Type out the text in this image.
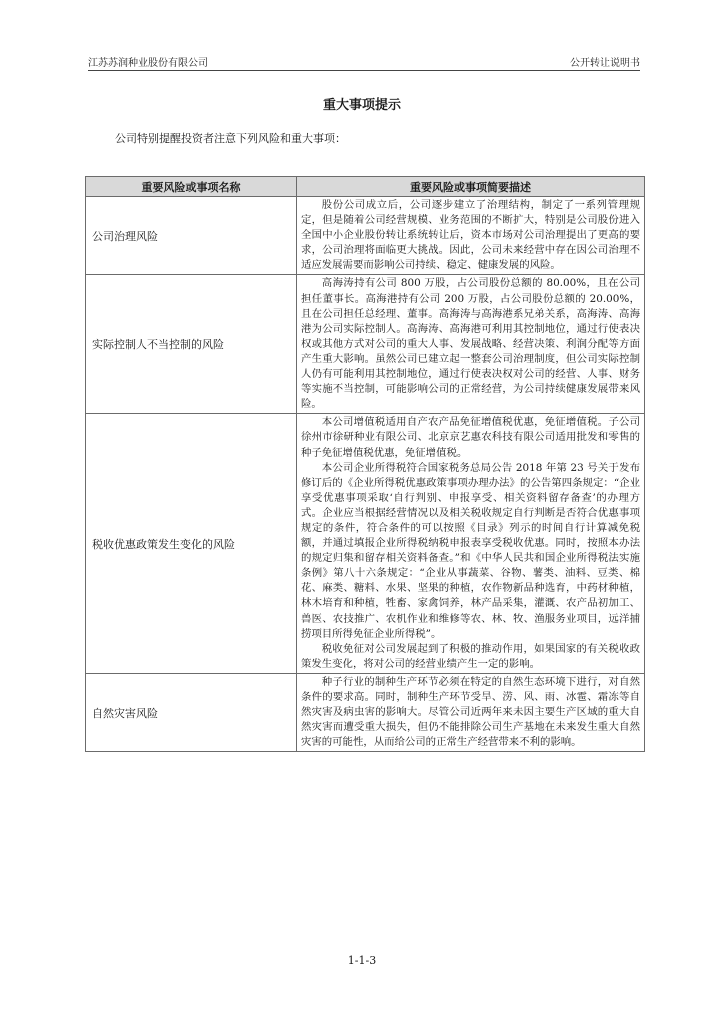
江苏苏润种业股份有限公司	公开转让说明书
重大事项提示
公司特别提醒投资者注意下列风险和重大事项：
重要风险或事项名称	重要风险或事项简要描述
公司治理风险	股份公司成立后，公司逐步建立了治理结构，制定了一系列管理规定，但是随着公司经营规模、业务范围的不断扩大，特别是公司股份进入全国中小企业股份转让系统转让后，资本市场对公司治理提出了更高的要求，公司治理将面临更大挑战。因此，公司未来经营中存在因公司治理不适应发展需要而影响公司持续、稳定、健康发展的风险。

实际控制人不当控制的风险	高海涛持有公司 800 万股，占公司股份总额的 80.00%，且在公司担任董事长。高海港持有公司 200 万股，占公司股份总额的 20.00%，且在公司担任总经理、董事。高海涛与高海港系兄弟关系，高海涛、高海港为公司实际控制人。高海涛、高海港可利用其控制地位，通过行使表决权或其他方式对公司的重大人事、发展战略、经营决策、利润分配等方面产生重大影响。虽然公司已建立起一整套公司治理制度，但公司实际控制人仍有可能利用其控制地位，通过行使表决权对公司的经营、人事、财务等实施不当控制，可能影响公司的正常经营，为公司持续健康发展带来风险。

税收优惠政策发生变化的风险	本公司增值税适用自产农产品免征增值税优惠，免征增值税。子公司徐州市徐研种业有限公司、北京京艺惠农科技有限公司适用批发和零售的种子免征增值税优惠，免征增值税。

本公司企业所得税符合国家税务总局公告 2018 年第 23 号关于发布修订后的《企业所得税优惠政策事项办理办法》的公告第四条规定：“企业享受优惠事项采取‘自行判别、申报享受、相关资料留存备查’的办理方式。企业应当根据经营情况以及相关税收规定自行判断是否符合优惠事项规定的条件，符合条件的可以按照《目录》列示的时间自行计算减免税额，并通过填报企业所得税纳税申报表享受税收优惠。同时，按照本办法的规定归集和留存相关资料备查。”和《中华人民共和国企业所得税法实施条例》第八十六条规定：“企业从事蔬菜、谷物、薯类、油料、豆类、棉花、麻类、糖料、水果、坚果的种植，农作物新品种选育，中药材种植，林木培育和种植，牲畜、家禽饲养，林产品采集，灌溉、农产品初加工、兽医、农技推广、农机作业和维修等农、林、牧、渔服务业项目，远洋捕捞项目所得免征企业所得税”。

税收免征对公司发展起到了积极的推动作用，如果国家的有关税收政策发生变化，将对公司的经营业绩产生一定的影响。

自然灾害风险	种子行业的制种生产环节必须在特定的自然生态环境下进行，对自然条件的要求高。同时，制种生产环节受旱、涝、风、雨、冰雹、霜冻等自然灾害及病虫害的影响大。尽管公司近两年来未因主要生产区域的重大自然灾害而遭受重大损失，但仍不能排除公司生产基地在未来发生重大自然灾害的可能性，从而给公司的正常生产经营带来不利的影响。

1-1-3
